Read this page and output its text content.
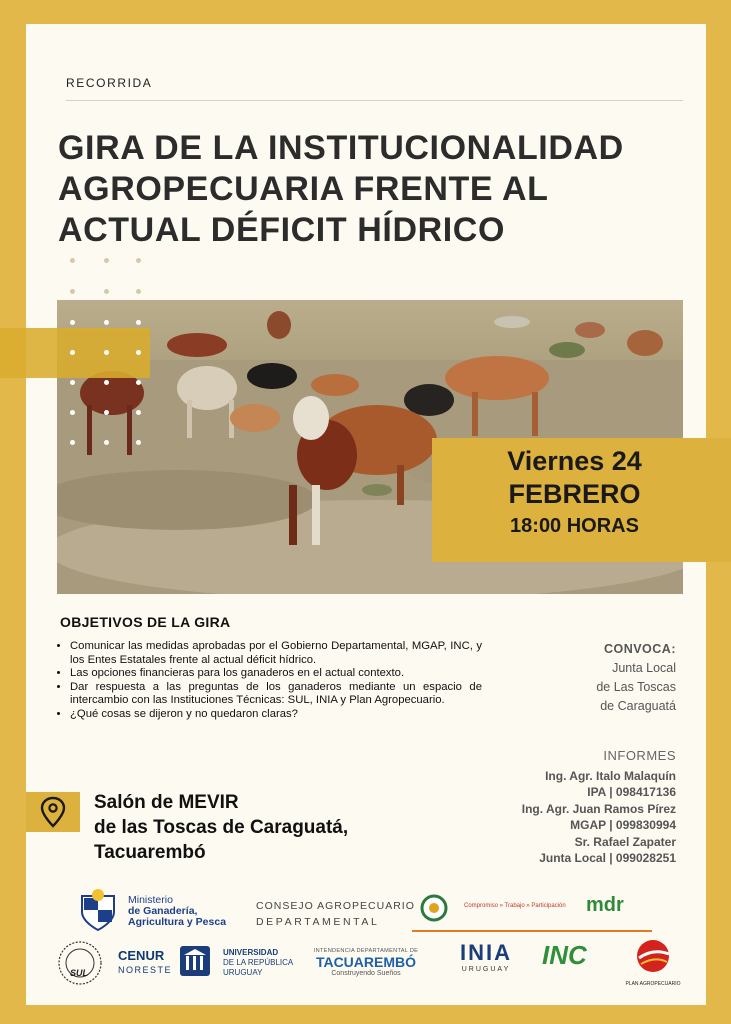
RECORRIDA
GIRA DE LA INSTITUCIONALIDAD
AGROPECUARIA FRENTE AL
ACTUAL DÉFICIT HÍDRICO
Viernes 24
FEBRERO
18:00 HORAS
OBJETIVOS DE LA GIRA
• Comunicar las medidas aprobadas por el Gobierno Departamental, MGAP, INC, y los Entes Estatales frente al actual déficit hídrico.
• Las opciones financieras para los ganaderos en el actual contexto.
• Dar respuesta a las preguntas de los ganaderos mediante un espacio de intercambio con las Instituciones Técnicas: SUL, INIA y Plan Agropecuario.
• ¿Qué cosas se dijeron y no quedaron claras?
CONVOCA:
Junta Local
de Las Toscas
de Caraguatá
INFORMES
Ing. Agr. Italo Malaquín
IPA | 098417136
Ing. Agr. Juan Ramos Pírez
MGAP | 099830994
Sr. Rafael Zapater
Junta Local | 099028251
Salón de MEVIR
de las Toscas de Caraguatá,
Tacuarembó
Ministerio
de Ganadería,
Agricultura y Pesca
CONSEJO AGROPECUARIO
DEPARTAMENTAL
Compromiso » Trabajo » Participación mdr
SUL
CENUR
NORESTE
UNIVERSIDAD
DE LA REPÚBLICA
URUGUAY
INTENDENCIA DEPARTAMENTAL DE
TACUAREMBÓ
Construyendo Sueños
INIA
URUGUAY	INC
PLAN AGROPECUARIO
